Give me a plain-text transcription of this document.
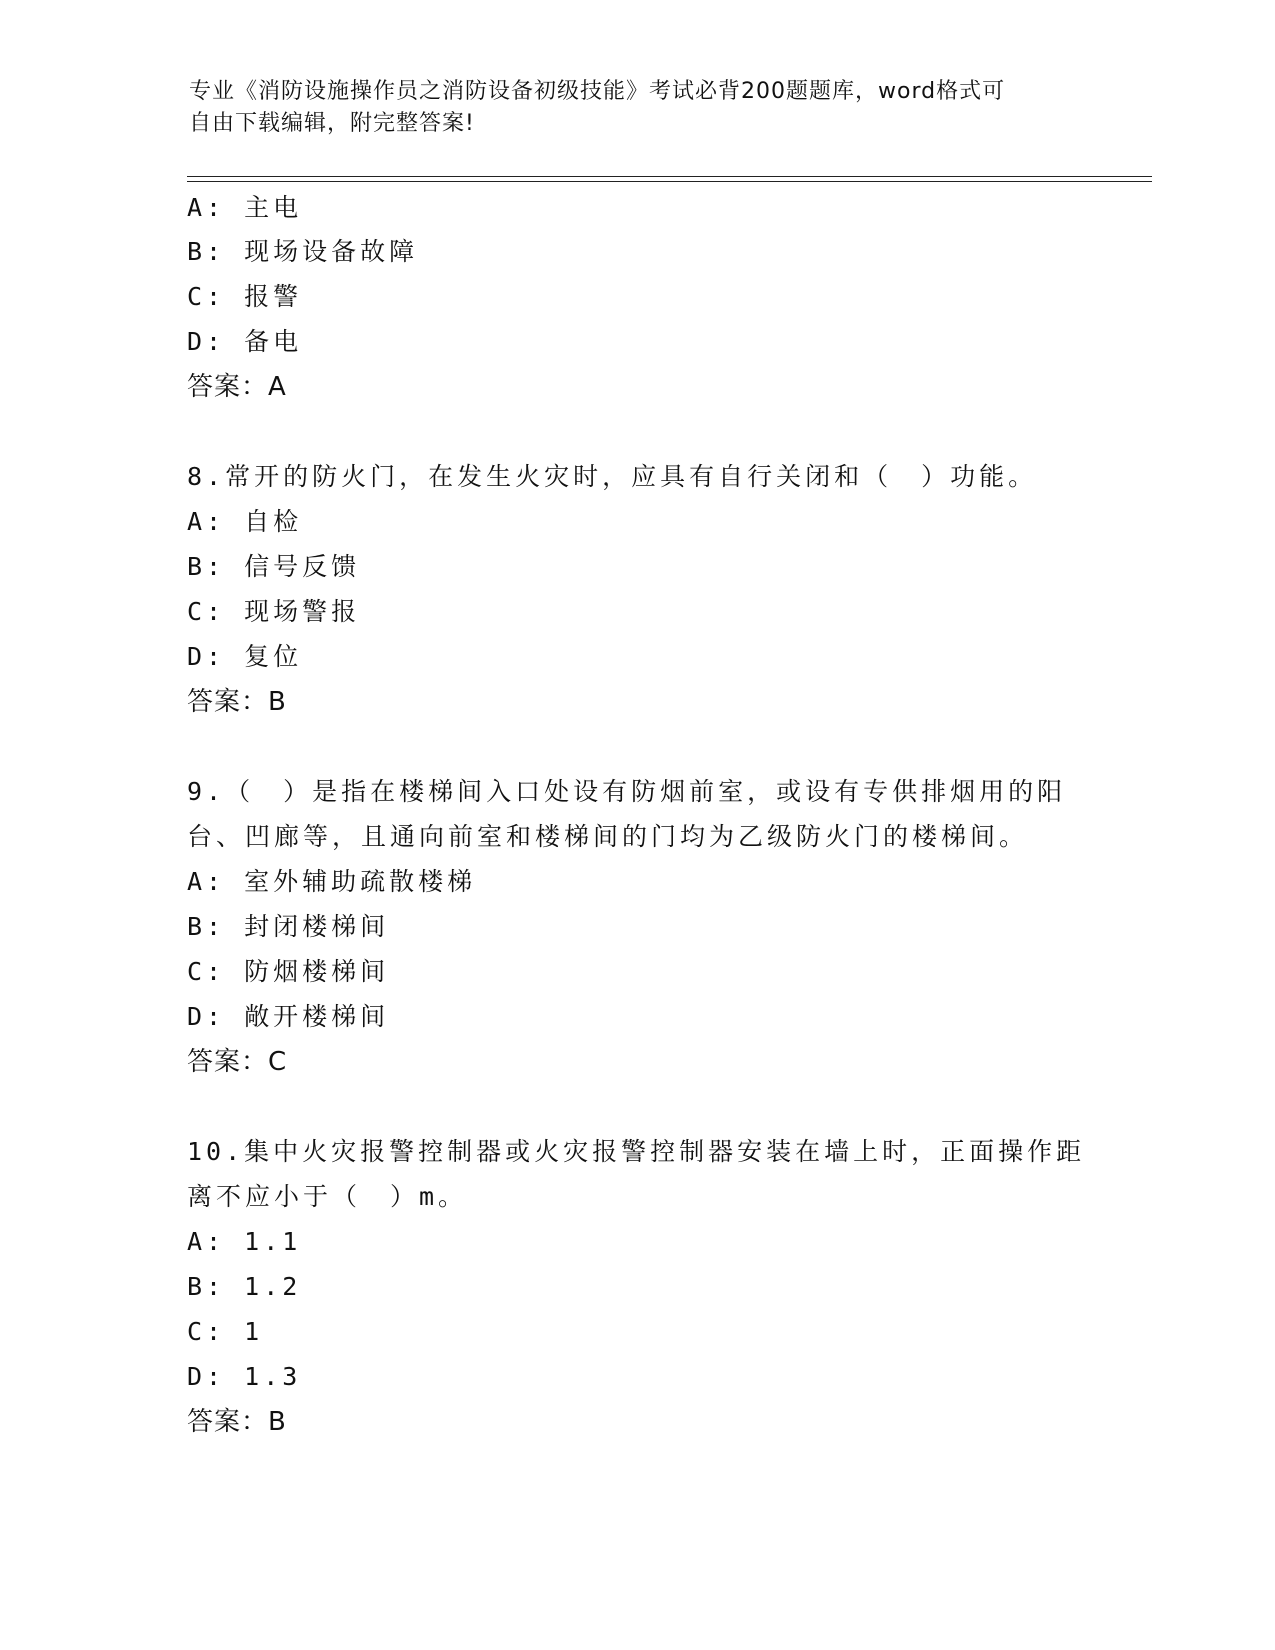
专业《消防设施操作员之消防设备初级技能》考试必背200题题库，word格式可
自由下载编辑，附完整答案!
A: 主电
B: 现场设备故障
C: 报警
D: 备电
答案：A
8.常开的防火门，在发生火灾时，应具有自行关闭和（　）功能。
A: 自检
B: 信号反馈
C: 现场警报
D: 复位
答案：B
9.（　）是指在楼梯间入口处设有防烟前室，或设有专供排烟用的阳
台、凹廊等，且通向前室和楼梯间的门均为乙级防火门的楼梯间。
A: 室外辅助疏散楼梯
B: 封闭楼梯间
C: 防烟楼梯间
D: 敞开楼梯间
答案：C
10.集中火灾报警控制器或火灾报警控制器安装在墙上时，正面操作距
离不应小于（　）m。
A: 1.1
B: 1.2
C: 1
D: 1.3
答案：B
